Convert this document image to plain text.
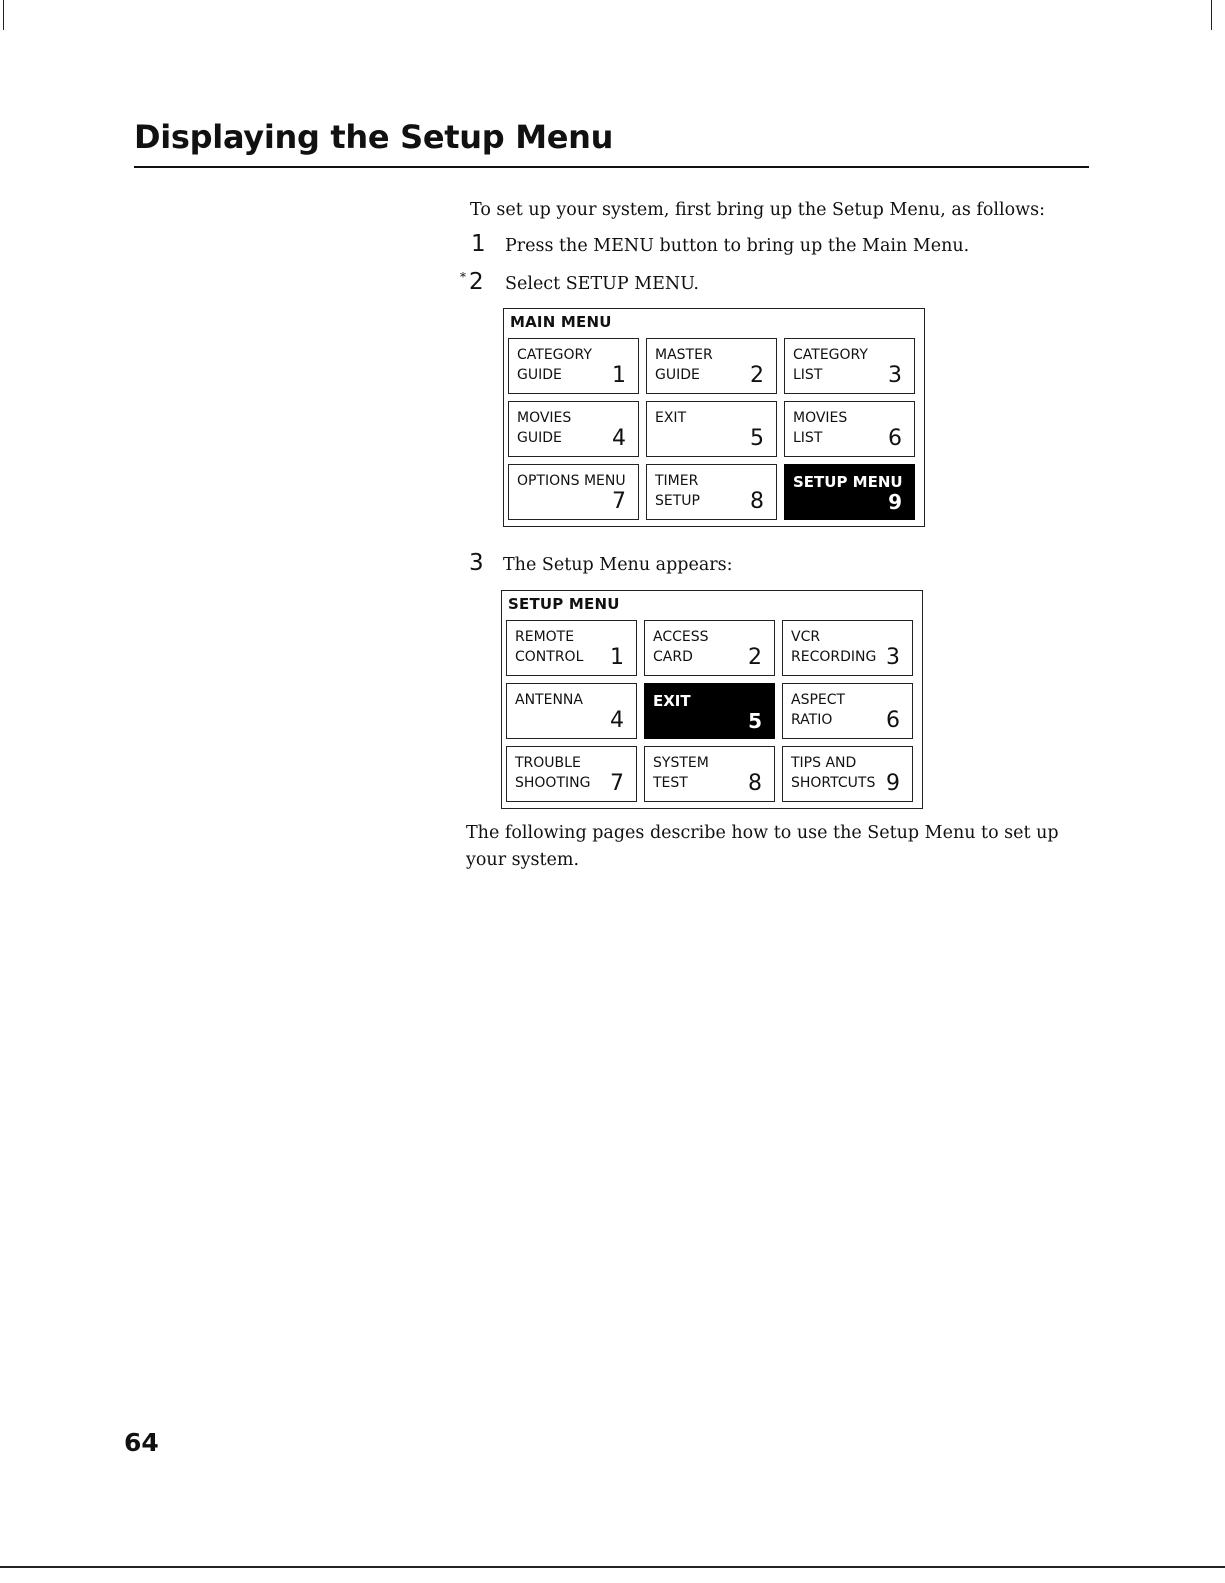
Displaying the Setup Menu
To set up your system, first bring up the Setup Menu, as follows:
1 Press the MENU button to bring up the Main Menu.
* 2 Select SETUP MENU.
MAIN MENU
CATEGORY
GUIDE 1
MASTER
GUIDE 2
CATEGORY
LIST	3
MOVIES
GUIDE 4
EXIT
5
MOVIES
LIST	6
OPTIONS MENU
7
TIMER
SETUP 8
SETUP MENU
9
3 The Setup Menu appears:
SETUP MENU
REMOTE
CONTROL 1
ACCESS
CARD	2
VCR
RECORDING 3
ANTENNA
4
EXIT
5
ASPECT
RATIO 6
TROUBLE
SHOOTING 7
SYSTEM
TEST	8
TIPS AND
SHORTCUTS 9
The following pages describe how to use the Setup Menu to set up your system.
64
